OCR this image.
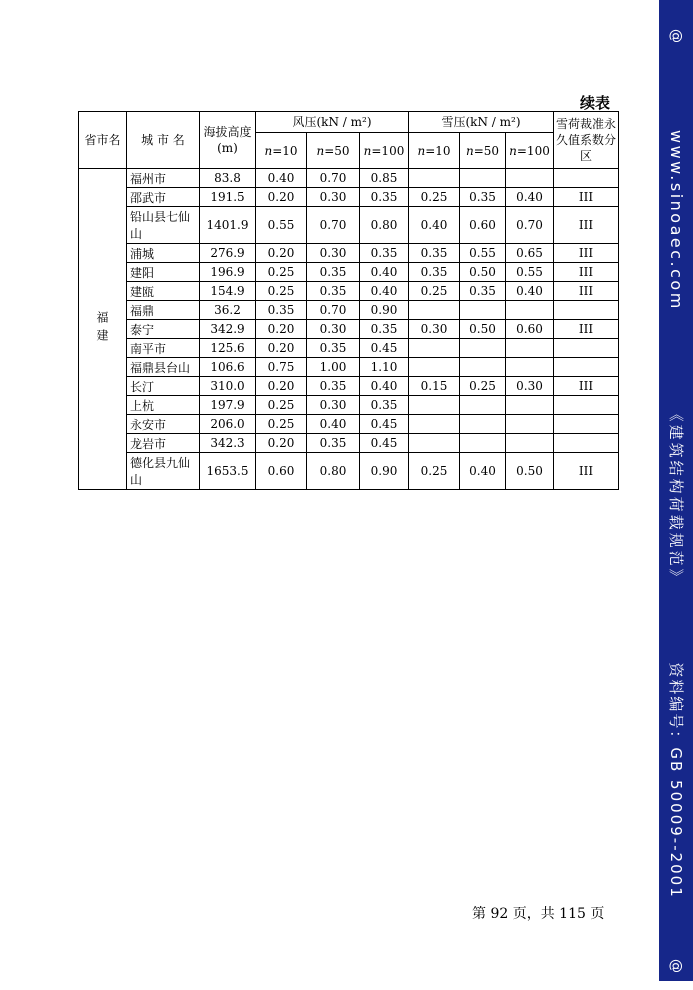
@
www.sinoaec.com 《建筑结构荷载规范》 资料编号：GB 50009--2001
@
续表
省市名	城 市 名	海拔高度(m)	风压(kN / m²)			雪压(kN / m²)			雪荷裁准永久值系数分区
			n=10	n=50	n=100	n=10	n=50	n=100	
福建	福州市	83.8	0.40	0.70	0.85				
	邵武市	191.5	0.20	0.30	0.35	0.25	0.35	0.40	III
	铅山县七仙山	1401.9	0.55	0.70	0.80	0.40	0.60	0.70	III
	浦城	276.9	0.20	0.30	0.35	0.35	0.55	0.65	III
	建阳	196.9	0.25	0.35	0.40	0.35	0.50	0.55	III
	建瓯	154.9	0.25	0.35	0.40	0.25	0.35	0.40	III
	福鼎	36.2	0.35	0.70	0.90				
	泰宁	342.9	0.20	0.30	0.35	0.30	0.50	0.60	III
	南平市	125.6	0.20	0.35	0.45				
	福鼎县台山	106.6	0.75	1.00	1.10				
	长汀	310.0	0.20	0.35	0.40	0.15	0.25	0.30	III
	上杭	197.9	0.25	0.30	0.35				
	永安市	206.0	0.25	0.40	0.45				
	龙岩市	342.3	0.20	0.35	0.45				
	德化县九仙山	1653.5	0.60	0.80	0.90	0.25	0.40	0.50	III
第 92 页，共 115 页
